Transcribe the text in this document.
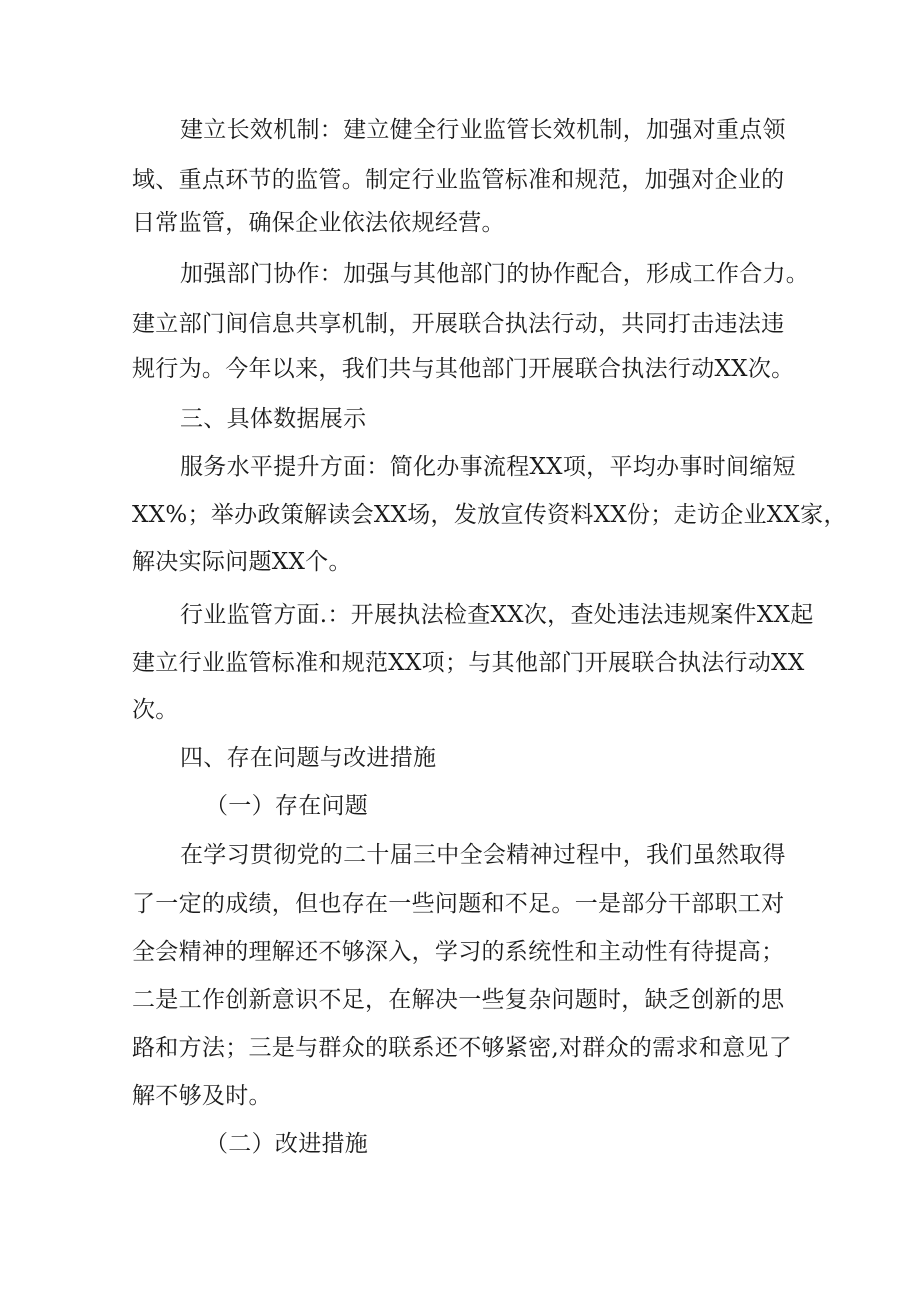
建立长效机制：建立健全行业监管长效机制，加强对重点领
域、重点环节的监管。制定行业监管标准和规范，加强对企业的
日常监管，确保企业依法依规经营。
加强部门协作：加强与其他部门的协作配合，形成工作合力。
建立部门间信息共享机制，开展联合执法行动，共同打击违法违
规行为。今年以来，我们共与其他部门开展联合执法行动XX次。
三、具体数据展示
服务水平提升方面：简化办事流程XX项，平均办事时间缩短
XX%；举办政策解读会XX场，发放宣传资料XX份；走访企业XX家，
解决实际问题XX个。
行业监管方面.：开展执法检查XX次，查处违法违规案件XX起
建立行业监管标准和规范XX项；与其他部门开展联合执法行动XX
次。
四、存在问题与改进措施
（一）存在问题
在学习贯彻党的二十届三中全会精神过程中，我们虽然取得
了一定的成绩，但也存在一些问题和不足。一是部分干部职工对
全会精神的理解还不够深入，学习的系统性和主动性有待提高；
二是工作创新意识不足，在解决一些复杂问题时，缺乏创新的思
路和方法；三是与群众的联系还不够紧密,对群众的需求和意见了
解不够及时。
（二）改进措施
